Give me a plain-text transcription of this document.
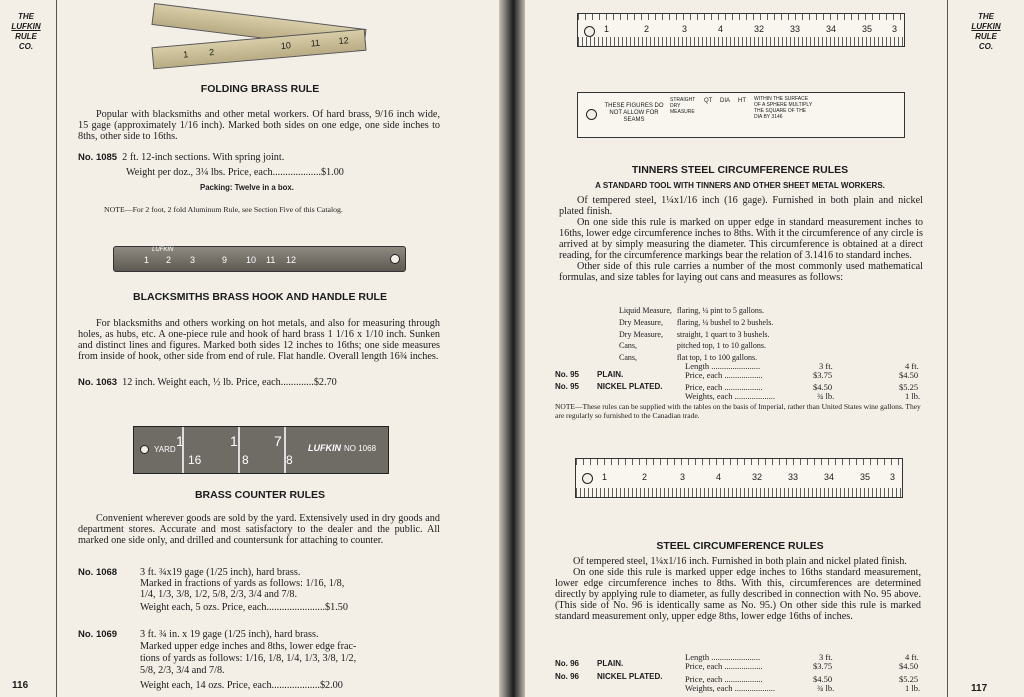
THE
LUFKIN
RULE
CO.
116
1 2
10 11 12
FOLDING BRASS RULE
Popular with blacksmiths and other metal workers. Of hard brass, 9/16 inch wide, 15 gage (approximately 1/16 inch). Marked both sides on one edge, one side inches to 8ths, other side to 16ths.
No. 1085 2 ft. 12-inch sections. With spring joint.
Weight per doz., 3¼ lbs. Price, each...................$1.00
Packing: Twelve in a box.
NOTE—For 2 foot, 2 fold Aluminum Rule, see Section Five of this Catalog.
1 2 3	9 10 11 12
LUFKIN
BLACKSMITHS BRASS HOOK AND HANDLE RULE
For blacksmiths and others working on hot metals, and also for measuring through holes, as hubs, etc. A one-piece rule and hook of hard brass 1 1/16 x 1/10 inch. Sunken and distinct lines and figures. Marked both sides 12 inches to 16ths; one side measures from inside of hook, other side from end of rule. Flat handle. Overall length 16¾ inches.
No. 1063 12 inch. Weight each, ½ lb. Price, each.............$2.70
YARD
1
16
1
8
7
8
LUFKIN NO 1068
BRASS COUNTER RULES
Convenient wherever goods are sold by the yard. Extensively used in dry goods and department stores. Accurate and most satisfactory to the dealer and the public. All marked one side only, and drilled and countersunk for attaching to counter.
No. 1068 3 ft. ¾x19 gage (1/25 inch), hard brass.
Marked in fractions of yards as follows: 1/16, 1/8,
1/4, 1/3, 3/8, 1/2, 5/8, 2/3, 3/4 and 7/8.
Weight each, 5 ozs. Price, each.......................$1.50
No. 1069 3 ft. ¾ in. x 19 gage (1/25 inch), hard brass.
Marked upper edge inches and 8ths, lower edge frac-
tions of yards as follows: 1/16, 1/8, 1/4, 1/3, 3/8, 1/2,
5/8, 2/3, 3/4 and 7/8.
Weight each, 14 ozs. Price, each...................$2.00
THE
LUFKIN
RULE
CO.
117
1	2	3	4	32	33	34	35 3
THESE FIGURES DO NOT ALLOW FOR SEAMS
STRAIGHT DRY MEASURE
QT DIA HT WITHIN THE SURFACE OF A SPHERE MULTIPLY THE SQUARE OF THE DIA BY 3146
TINNERS STEEL CIRCUMFERENCE RULES
A STANDARD TOOL WITH TINNERS AND OTHER SHEET METAL WORKERS.

Of tempered steel, 1¼x1/16 inch (16 gage). Furnished in both plain and nickel plated finish.

On one side this rule is marked on upper edge in standard measurement inches to 16ths, lower edge circumference inches to 8ths. With it the circumference of any circle is arrived at by simply measuring the diameter. This circumference is obtained at a direct reading, for the circumference markings bear the relation of 3.1416 to standard inches.

Other side of this rule carries a number of the most commonly used mathematical formulas, and size tables for laying out cans and measures as follows:

Liquid Measure,	flaring, ¼ pint to 5 gallons.
Dry Measure,	flaring, ¼ bushel to 2 bushels.
Dry Measure,	straight, 1 quart to 3 bushels.
Cans,	pitched top, 1 to 10 gallons.
Cans,	flat top, 1 to 100 gallons.
Length .......................	3 ft.	4 ft.
No. 95 PLAIN.	Price, each ..................	$3.75	$4.50
No. 95 NICKEL PLATED.	Price, each ..................	$4.50	$5.25
Weights, each ...................	¾ lb.	1 lb.
NOTE—These rules can be supplied with the tables on the basis of Imperial, rather than United States wine gallons. They are regularly so furnished to the Canadian trade.
1	2	3	4	32	33	34	35 3
STEEL CIRCUMFERENCE RULES

Of tempered steel, 1¼x1/16 inch. Furnished in both plain and nickel plated finish.

On one side this rule is marked upper edge inches to 16ths standard measurement, lower edge circumference inches to 8ths. With this, circumferences are determined directly by applying rule to diameter, as fully described in connection with No. 95 above. (This side of No. 96 is identically same as No. 95.) On other side this rule is marked standard measurement only, upper edge 8ths, lower edge 16ths of inches.

Length .......................	3 ft.	4 ft.
No. 96 PLAIN.	Price, each ..................	$3.75	$4.50
No. 96 NICKEL PLATED.	Price, each ..................	$4.50	$5.25
Weights, each ...................	¾ lb.	1 lb.
